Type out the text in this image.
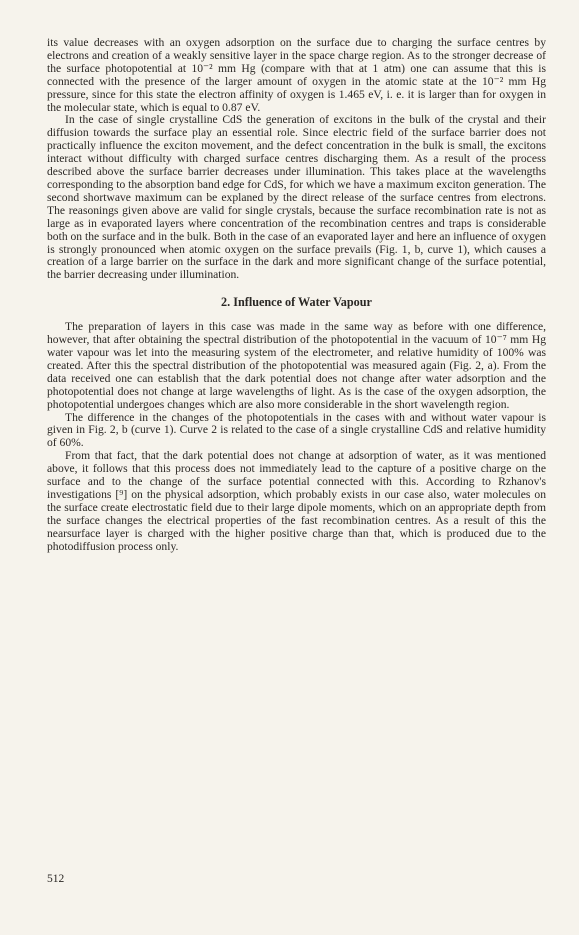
its value decreases with an oxygen adsorption on the surface due to charging the surface centres by electrons and creation of a weakly sensitive layer in the space charge region. As to the stronger decrease of the surface photopotential at 10⁻² mm Hg (compare with that at 1 atm) one can assume that this is connected with the presence of the larger amount of oxygen in the atomic state at the 10⁻² mm Hg pressure, since for this state the electron affinity of oxygen is 1.465 eV, i. e. it is larger than for oxygen in the molecular state, which is equal to 0.87 eV.

In the case of single crystalline CdS the generation of excitons in the bulk of the crystal and their diffusion towards the surface play an essential role. Since electric field of the surface barrier does not practically influence the exciton movement, and the defect concentration in the bulk is small, the excitons interact without difficulty with charged surface centres discharging them. As a result of the process described above the surface barrier decreases under illumination. This takes place at the wavelengths corresponding to the absorption band edge for CdS, for which we have a maximum exciton generation. The second shortwave maximum can be explaned by the direct release of the surface centres from electrons. The reasonings given above are valid for single crystals, because the surface recombination rate is not as large as in evaporated layers where concentration of the recombination centres and traps is considerable both on the surface and in the bulk. Both in the case of an evaporated layer and here an influence of oxygen is strongly pronounced when atomic oxygen on the surface prevails (Fig. 1, b, curve 1), which causes a creation of a large barrier on the surface in the dark and more significant change of the surface potential, the barrier decreasing under illumination.

2. Influence of Water Vapour

The preparation of layers in this case was made in the same way as before with one difference, however, that after obtaining the spectral distribution of the photopotential in the vacuum of 10⁻⁷ mm Hg water vapour was let into the measuring system of the electrometer, and relative humidity of 100% was created. After this the spectral distribution of the photopotential was measured again (Fig. 2, a). From the data received one can establish that the dark potential does not change after water adsorption and the photopotential does not change at large wavelengths of light. As is the case of the oxygen adsorption, the photopotential undergoes changes which are also more considerable in the short wavelength region.

The difference in the changes of the photopotentials in the cases with and without water vapour is given in Fig. 2, b (curve 1). Curve 2 is related to the case of a single crystalline CdS and relative humidity of 60%.

From that fact, that the dark potential does not change at adsorption of water, as it was mentioned above, it follows that this process does not immediately lead to the capture of a positive charge on the surface and to the change of the surface potential connected with this. According to Rzhanov's investigations [⁹] on the physical adsorption, which probably exists in our case also, water molecules on the surface create electrostatic field due to their large dipole moments, which on an appropriate depth from the surface changes the electrical properties of the fast recombination centres. As a result of this the nearsurface layer is charged with the higher positive charge than that, which is produced due to the photodiffusion process only.

512
